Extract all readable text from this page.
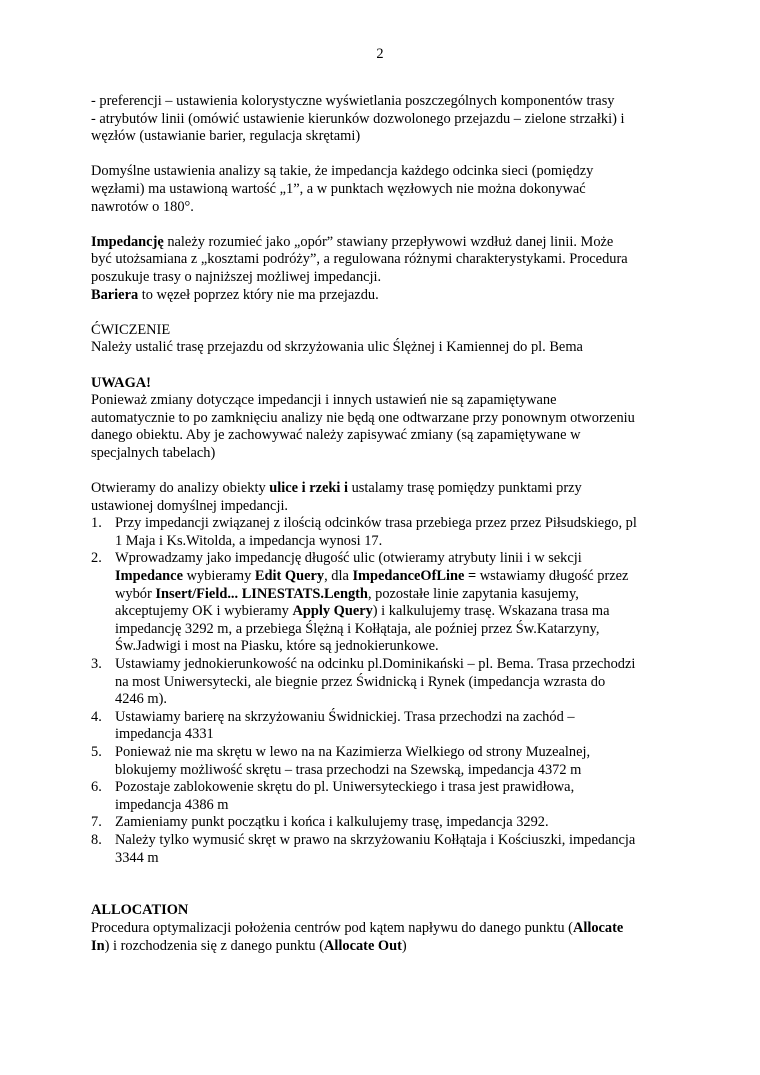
2

- preferencji – ustawienia kolorystyczne wyświetlania poszczególnych komponentów trasy
- atrybutów linii (omówić ustawienie kierunków dozwolonego przejazdu – zielone strzałki) i
węzłów (ustawianie barier, regulacja skrętami)

Domyślne ustawienia analizy są takie, że impedancja każdego odcinka sieci (pomiędzy
węzłami) ma ustawioną wartość „1”, a w punktach węzłowych nie można dokonywać
nawrotów o 180°.

Impedancję należy rozumieć jako „opór” stawiany przepływowi wzdłuż danej linii. Może
być utożsamiana z „kosztami podróży”, a regulowana różnymi charakterystykami. Procedura
poszukuje trasy o najniższej możliwej impedancji.

Bariera to węzeł poprzez który nie ma przejazdu.

ĆWICZENIE

Należy ustalić trasę przejazdu od skrzyżowania ulic Ślężnej i Kamiennej do pl. Bema

UWAGA!

Ponieważ zmiany dotyczące impedancji i innych ustawień nie są zapamiętywane
automatycznie to po zamknięciu analizy nie będą one odtwarzane przy ponownym otworzeniu
danego obiektu. Aby je zachowywać należy zapisywać zmiany (są zapamiętywane w
specjalnych tabelach)

Otwieramy do analizy obiekty ulice i rzeki i ustalamy trasę pomiędzy punktami przy
ustawionej domyślnej impedancji.

1. Przy impedancji związanej z ilością odcinków trasa przebiega przez przez Piłsudskiego, pl
1 Maja i Ks.Witolda, a impedancja wynosi 17.
2. Wprowadzamy jako impedancję długość ulic (otwieramy atrybuty linii i w sekcji
Impedance wybieramy Edit Query, dla ImpedanceOfLine = wstawiamy długość przez
wybór Insert/Field... LINESTATS.Length, pozostałe linie zapytania kasujemy,
akceptujemy OK i wybieramy Apply Query) i kalkulujemy trasę. Wskazana trasa ma
impedancję 3292 m, a przebiega Ślężną i Kołłątaja, ale poźniej przez Św.Katarzyny,
Św.Jadwigi i most na Piasku, które są jednokierunkowe.
3. Ustawiamy jednokierunkowość na odcinku pl.Dominikański – pl. Bema. Trasa przechodzi
na most Uniwersytecki, ale biegnie przez Świdnicką i Rynek (impedancja wzrasta do
4246 m).
4. Ustawiamy barierę na skrzyżowaniu Świdnickiej. Trasa przechodzi na zachód –
impedancja 4331
5. Ponieważ nie ma skrętu w lewo na na Kazimierza Wielkiego od strony Muzealnej,
blokujemy możliwość skrętu – trasa przechodzi na Szewską, impedancja 4372 m
6. Pozostaje zablokowenie skrętu do pl. Uniwersyteckiego i trasa jest prawidłowa,
impedancja 4386 m
7. Zamieniamy punkt początku i końca i kalkulujemy trasę, impedancja 3292.
8. Należy tylko wymusić skręt w prawo na skrzyżowaniu Kołłątaja i Kościuszki, impedancja
3344 m

ALLOCATION

Procedura optymalizacji położenia centrów pod kątem napływu do danego punktu (Allocate
In) i rozchodzenia się z danego punktu (Allocate Out)
